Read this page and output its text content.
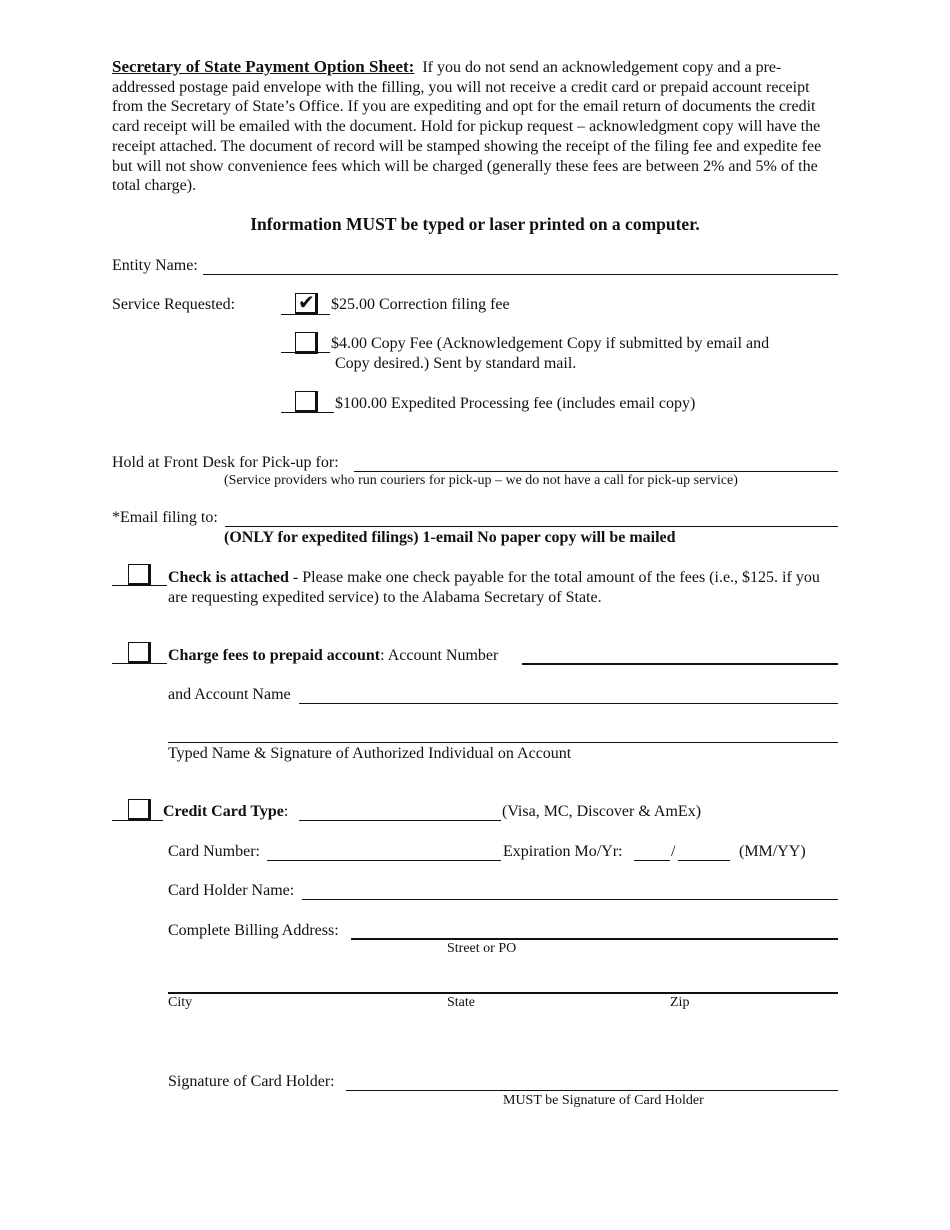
Secretary of State Payment Option Sheet: If you do not send an acknowledgement copy and a pre-addressed postage paid envelope with the filling, you will not receive a credit card or prepaid account receipt from the Secretary of State’s Office. If you are expediting and opt for the email return of documents the credit card receipt will be emailed with the document. Hold for pickup request – acknowledgment copy will have the receipt attached. The document of record will be stamped showing the receipt of the filing fee and expedite fee but will not show convenience fees which will be charged (generally these fees are between 2% and 5% of the total charge).
Information MUST be typed or laser printed on a computer.
Entity Name:
Service Requested:	✔ $25.00 Correction filing fee
$4.00 Copy Fee (Acknowledgement Copy if submitted by email and
Copy desired.) Sent by standard mail.
$100.00 Expedited Processing fee (includes email copy)
Hold at Front Desk for Pick-up for:
(Service providers who run couriers for pick-up – we do not have a call for pick-up service)
*Email filing to:
(ONLY for expedited filings) 1-email No paper copy will be mailed
Check is attached - Please make one check payable for the total amount of the fees (i.e., $125. if you are requesting expedited service) to the Alabama Secretary of State.
Charge fees to prepaid account: Account Number
and Account Name
Typed Name & Signature of Authorized Individual on Account
Credit Card Type:	(Visa, MC, Discover & AmEx)
Card Number:	Expiration Mo/Yr:	/	(MM/YY)
Card Holder Name:
Complete Billing Address:
Street or PO
City	State	Zip
Signature of Card Holder:
MUST be Signature of Card Holder
